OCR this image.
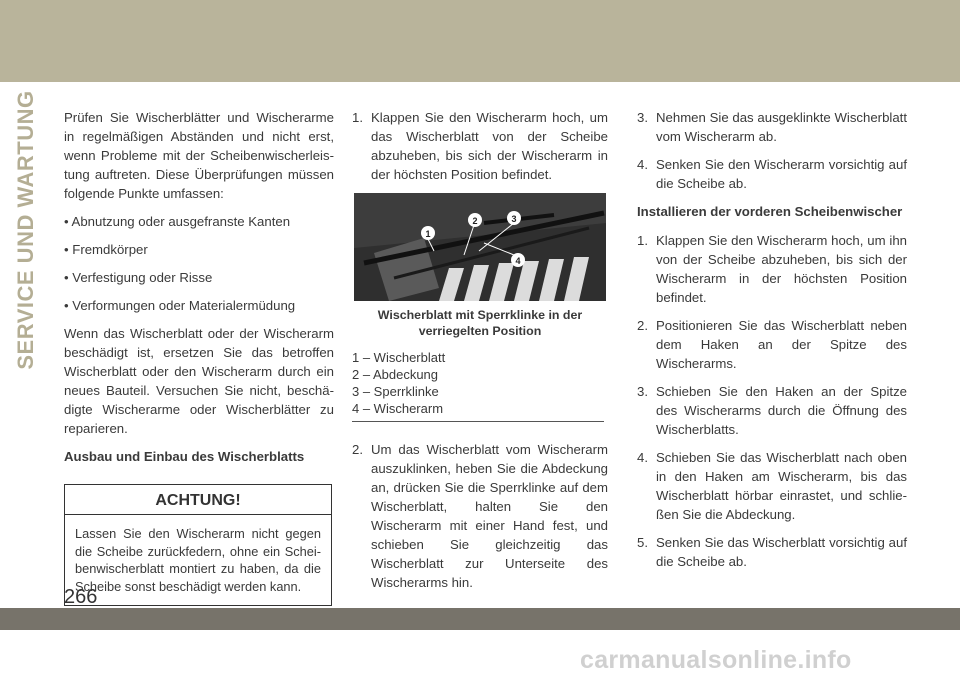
SERVICE UND WARTUNG Prüfen Sie Wischerblätter und Wischerarme in regelmäßigen Abständen und nicht erst, wenn Probleme mit der Scheibenwischerleistung auftreten. Diese Überprüfungen müssen folgende Punkte umfassen:

• Abnutzung oder ausgefranste Kanten

• Fremdkörper

• Verfestigung oder Risse

• Verformungen oder Materialermüdung

Wenn das Wischerblatt oder der Wischerarm beschädigt ist, ersetzen Sie das betroffen Wischerblatt oder den Wischerarm durch ein neues Bauteil. Versuchen Sie nicht, beschädigte Wischerarme oder Wischerblätter zu reparieren.

Ausbau und Einbau des Wischerblatts
ACHTUNG!
Lassen Sie den Wischerarm nicht gegen die Scheibe zurückfedern, ohne ein Scheibenwischerblatt montiert zu haben, da die Scheibe sonst beschädigt werden kann.
1. Klappen Sie den Wischerarm hoch, um das Wischerblatt von der Scheibe abzuheben, bis sich der Wischerarm in der höchsten Position befindet.
1
2	3
4
Wischerblatt mit Sperrklinke in der verriegelten Position
1 – Wischerblatt
2 – Abdeckung
3 – Sperrklinke
4 – Wischerarm
2. Um das Wischerblatt vom Wischerarm auszuklinken, heben Sie die Abdeckung an, drücken Sie die Sperrklinke auf dem Wischerblatt, halten Sie den Wischerarm mit einer Hand fest, und schieben Sie gleichzeitig das Wischerblatt zur Unterseite des Wischerarms hin.
3. Nehmen Sie das ausgeklinkte Wischerblatt vom Wischerarm ab.
4. Senken Sie den Wischerarm vorsichtig auf die Scheibe ab.
Installieren der vorderen Scheibenwischer
1. Klappen Sie den Wischerarm hoch, um ihn von der Scheibe abzuheben, bis sich der Wischerarm in der höchsten Position befindet.
2. Positionieren Sie das Wischerblatt neben dem Haken an der Spitze des Wischerarms.
3. Schieben Sie den Haken an der Spitze des Wischerarms durch die Öffnung des Wischerblatts.
4. Schieben Sie das Wischerblatt nach oben in den Haken am Wischerarm, bis das Wischerblatt hörbar einrastet, und schließen Sie die Abdeckung.
5. Senken Sie das Wischerblatt vorsichtig auf die Scheibe ab.
266
carmanualsonline.info
